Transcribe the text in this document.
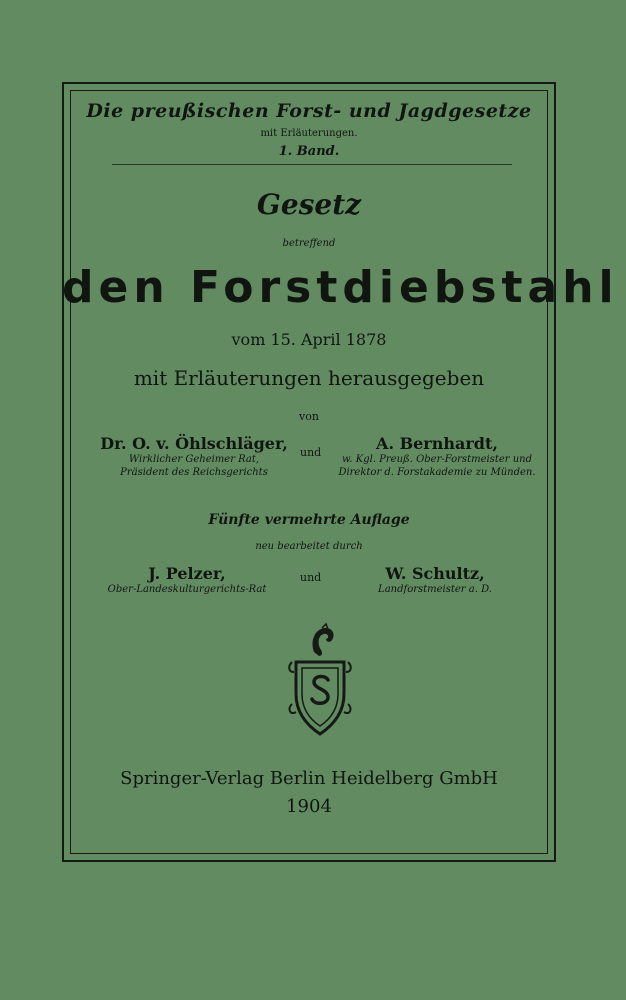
Die preußischen Forst- und Jagdgesetze
mit Erläuterungen.
1. Band.
Gesetz
betreffend
den Forstdiebstahl
vom 15. April 1878
mit Erläuterungen herausgegeben
von
Dr. O. v. Öhlschläger,
Wirklicher Geheimer Rat,
Präsident des Reichsgerichts
und	A. Bernhardt,
w. Kgl. Preuß. Ober-Forstmeister und
Direktor d. Forstakademie zu Münden.
Fünfte vermehrte Auflage
neu bearbeitet durch
J. Pelzer,
Ober-Landeskulturgerichts-Rat
und	W. Schultz,
Landforstmeister a. D.
Springer-Verlag Berlin Heidelberg GmbH
1904
